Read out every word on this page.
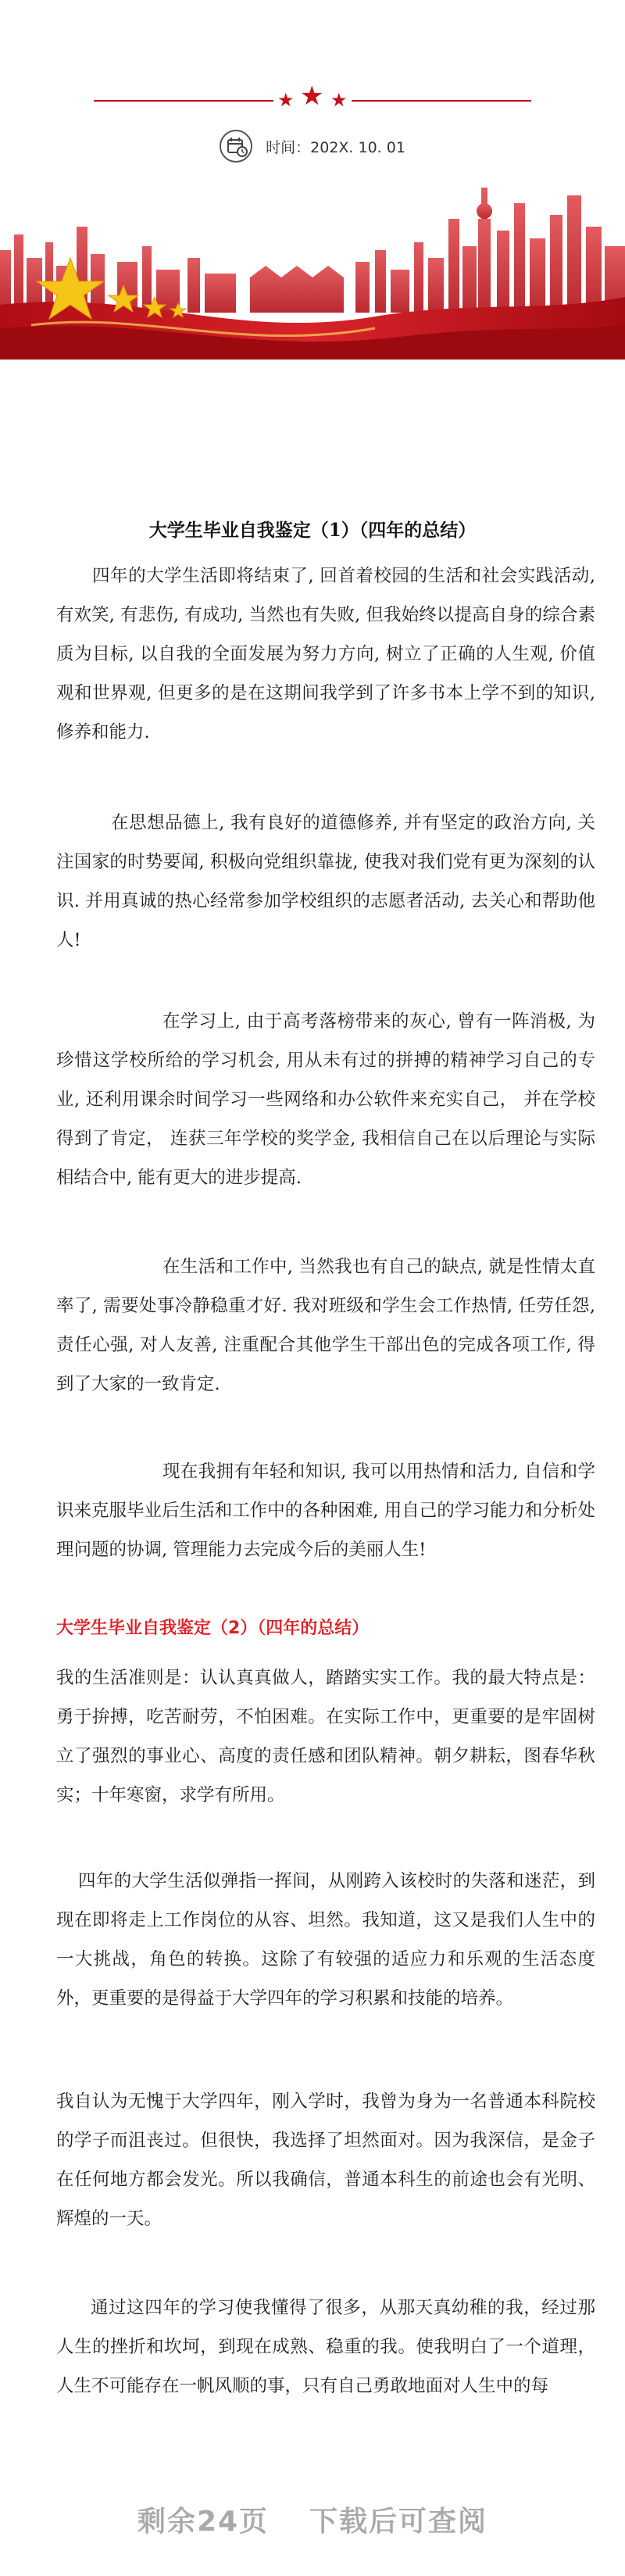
★ ★ ★
时间：202X. 10. 01
大学生毕业自我鉴定（1）（四年的总结）

四年的大学生活即将结束了, 回首着校园的生活和社会实践活动, 有欢笑, 有悲伤, 有成功, 当然也有失败, 但我始终以提高自身的综合素质为目标, 以自我的全面发展为努力方向, 树立了正确的人生观, 价值观和世界观, 但更多的是在这期间我学到了许多书本上学不到的知识, 修养和能力.

在思想品德上, 我有良好的道德修养, 并有坚定的政治方向, 关注国家的时势要闻, 积极向党组织靠拢, 使我对我们党有更为深刻的认识. 并用真诚的热心经常参加学校组织的志愿者活动, 去关心和帮助他人!

在学习上, 由于高考落榜带来的灰心, 曾有一阵消极, 为珍惜这学校所给的学习机会, 用从未有过的拼搏的精神学习自己的专业, 还利用课余时间学习一些网络和办公软件来充实自己， 并在学校得到了肯定， 连获三年学校的奖学金, 我相信自己在以后理论与实际相结合中, 能有更大的进步提高.

在生活和工作中, 当然我也有自己的缺点, 就是性情太直率了, 需要处事冷静稳重才好. 我对班级和学生会工作热情, 任劳任怨, 责任心强, 对人友善, 注重配合其他学生干部出色的完成各项工作, 得到了大家的一致肯定.

现在我拥有年轻和知识, 我可以用热情和活力, 自信和学识来克服毕业后生活和工作中的各种困难, 用自己的学习能力和分析处理问题的协调, 管理能力去完成今后的美丽人生!

大学生毕业自我鉴定（2）（四年的总结）

我的生活准则是：认认真真做人，踏踏实实工作。我的最大特点是：勇于拚搏，吃苦耐劳，不怕困难。在实际工作中，更重要的是牢固树立了强烈的事业心、高度的责任感和团队精神。朝夕耕耘，图春华秋实；十年寒窗，求学有所用。

四年的大学生活似弹指一挥间，从刚跨入该校时的失落和迷茫，到现在即将走上工作岗位的从容、坦然。我知道，这又是我们人生中的一大挑战，角色的转换。这除了有较强的适应力和乐观的生活态度外，更重要的是得益于大学四年的学习积累和技能的培养。

我自认为无愧于大学四年，刚入学时，我曾为身为一名普通本科院校的学子而沮丧过。但很快，我选择了坦然面对。因为我深信，是金子在任何地方都会发光。所以我确信，普通本科生的前途也会有光明、辉煌的一天。

通过这四年的学习使我懂得了很多，从那天真幼稚的我，经过那人生的挫折和坎坷，到现在成熟、稳重的我。使我明白了一个道理，人生不可能存在一帆风顺的事，只有自己勇敢地面对人生中的每

剩余24页 下载后可查阅
